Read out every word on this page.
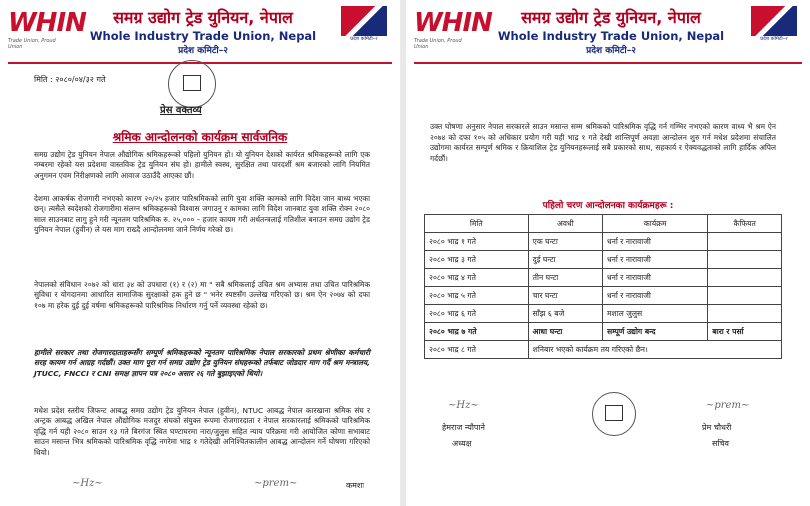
WHIN
Trade Union, Proud Union
समग्र उद्योग ट्रेड युनियन, नेपाल
Whole Industry Trade Union, Nepal
प्रदेश कमिटी–२
प्रदेश कमिटी–२
मिति : २०८०/०४/३२ गते
प्रेस वक्तव्य
श्रमिक आन्दोलनको कार्यक्रम सार्वजनिक
समग्र उद्योग ट्रेड युनियन नेपाल औद्योगिक श्रमिकहरूको पहिलो युनियन हो। यो युनियन देशको कार्यरत श्रमिकहरूको लागि एक नम्बरमा रहेको यस प्रदेशमा वास्तविक ट्रेड युनियन संघ हो। हामीले स्वस्थ, सुरक्षित तथा पारदर्शी श्रम बजारको लागि नियमित अनुगमन एवम निरीक्षणको लागि आवाज उठाउँदै आएका छौं।
देशमा आकर्षक रोजगारी नभएको कारण २०/२५ हजार पारिश्रमिकको लागि युवा शक्ति कामको लागि विदेश जान बाध्य भएका छन्। त्यसैले स्वदेशको रोजगारीमा संलग्न श्रमिकहरूको विश्वास जगाउनु र कामका लागि विदेश जानबाट युवा शक्ति रोक्न २०८० साल साउनबाट लागु हुने गरी न्यूनतम पारिश्रमिक रु. २५,००० – हजार कायम गरी अर्थतन्त्रलाई गतिशील बनाउन समग्र उद्योग ट्रेड युनियन नेपाल (हुवीन) ले यस माग राख्दै आन्दोलनमा जाने निर्णय गरेको छ।
नेपालको संविधान २०७२ को धारा ३४ को उपधारा (१) र (२) मा " सबै श्रमिकलाई उचित श्रम अभ्यास तथा उचित पारिश्रमिक सुविधा र योगदानमा आधारित सामाजिक सुरक्षाको हक हुने छ " भनेर स्पष्टसँग उल्लेख गरिएको छ। श्रम ऐन २०७४ को दफा १०७ मा हरेक दुई दुई वर्षमा श्रमिकहरूको पारिश्रमिक निर्धारण गर्नु पर्ने व्यवस्था रहेको छ।
हामीले सरकार तथा रोजगारदाताहरूसँग सम्पूर्ण श्रमिकहरूको न्यूनतम पारिश्रमिक नेपाल सरकारको प्रथम श्रेणीका कर्मचारी सरह कायम गर्न आग्रह गर्दछौं। उक्त माग पूरा गर्न समग्र उद्योग ट्रेड युनियन संघहरूको तर्फबाट जोडदार माग गर्दै श्रम मन्त्रालय, JTUCC, FNCCI र CNI समक्ष ज्ञापन पत्र २०८० असार २६ गते बुझाइएको थियो।
मधेश प्रदेश स्तरीय जिफन्ट आबद्ध समग्र उद्योग ट्रेड युनियन नेपाल (हुवीन), NTUC आबद्ध नेपाल कारखाना श्रमिक संघ र अन्ट्रक आबद्ध अखिल नेपाल औद्योगिक मजदुर संघको संयुक्त रूपमा रोजगारदाता र नेपाल सरकारलाई श्रमिकको पारिश्रमिक वृद्धि गर्न यही २०८० साउन १३ गते बिरगंज स्थित घण्टाघरमा नारा/जुलुस सहित न्याय परिक्रमा गरी आयोजित कोणा सभाबाट साउन मसान्त भित्र श्रमिकको पारिश्रमिक वृद्धि नगरेमा भाद्र १ गतेदेखी अनिश्चितकालीन आबद्ध आन्दोलन गर्ने घोषणा गरिएको थियो।
~Hz~	~prem~	कमशः
WHIN
Trade Union, Proud Union
समग्र उद्योग ट्रेड युनियन, नेपाल
Whole Industry Trade Union, Nepal
प्रदेश कमिटी–२
प्रदेश कमिटी–२
उक्त घोषणा अनुसार नेपाल सरकारले साउन मसान्त सम्म श्रमिकको पारिश्रमिक वृद्धि गर्न गम्भिर नभएको कारण वाध्य भै श्रम ऐन २०७४ को दफा १०५ को अधिकार प्रयोग गरी यही भाद्र १ गते देखी शान्तिपूर्ण अवज्ञा आन्दोलन शुरु गर्न मधेश प्रदेशमा संचालित उद्योगमा कार्यरत सम्पूर्ण श्रमिक र क्रियाशिल ट्रेड युनियनहरूलाई सबै प्रकारको साथ, सहकार्य र ऐक्यवद्धताको लागि हार्दिक अपिल गर्दछौं।
पहिलो चरण आन्दोलनका कार्यक्रमहरू :
मिति	अवधी	कार्यक्रम	कैफियत
२०८० भाद्र १ गते	एक घन्टा	धर्ना र नारावाजी	
२०८० भाद्र ३ गते	दुई घन्टा	धर्ना र नारावाजी	
२०८० भाद्र ४ गते	तीन घन्टा	धर्ना र नारावाजी	
२०८० भाद्र ५ गते	चार घन्टा	धर्ना र नारावाजी	
२०८० भाद्र ६ गते	साँझ ६ बजे	मशाल जुलुस	
२०८० भाद्र ७ गते	आधा घन्टा	सम्पूर्ण उद्योग बन्द	बारा र पर्सा
२०८० भाद्र ८ गते	शनिबार भएको कार्यक्रम तय गरिएको छैन।		
~Hz~	~prem~
हेमराज न्यौपाने
अध्यक्ष
प्रेम चौधरी
सचिव
